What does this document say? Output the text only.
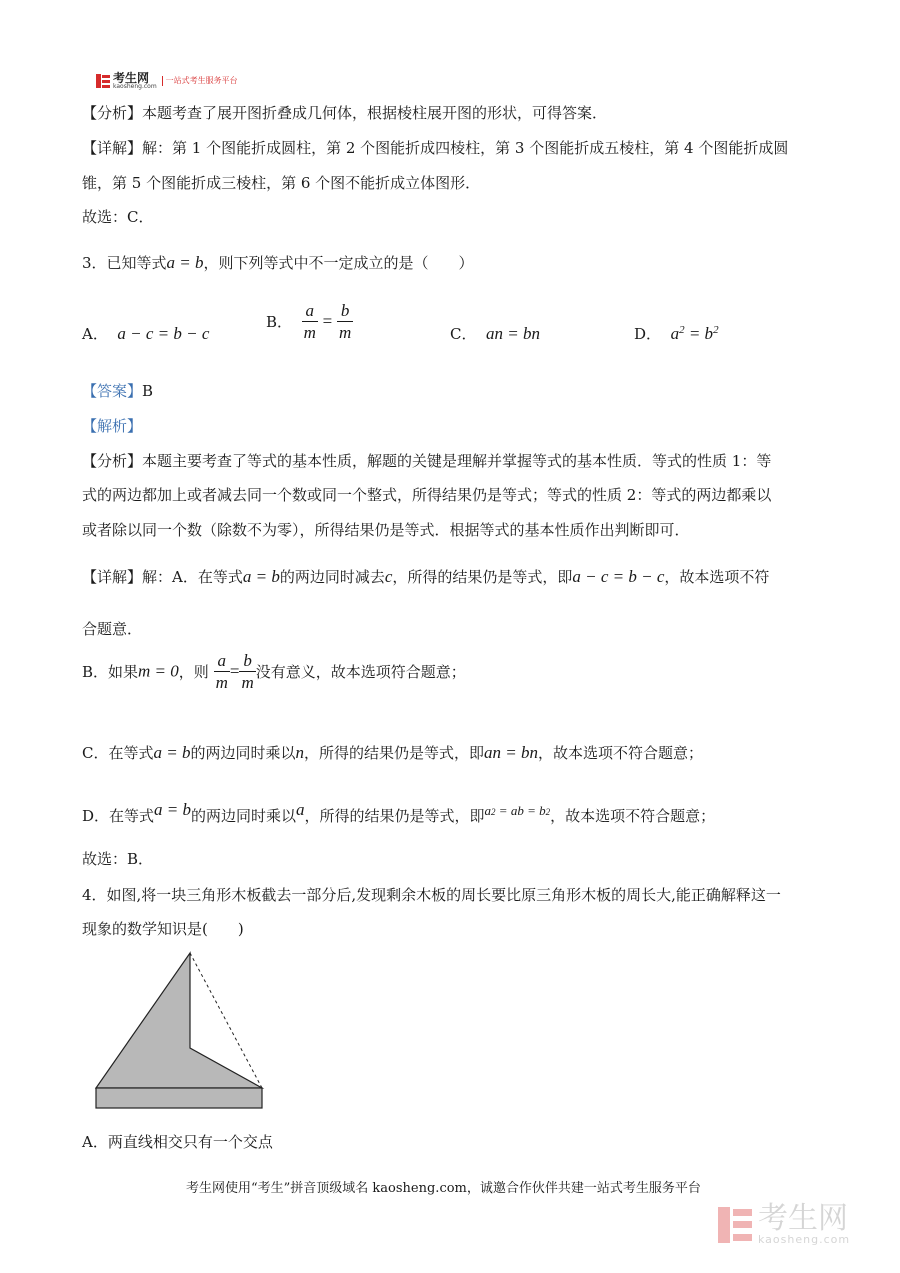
考生网
kaosheng.com
一站式考生服务平台
【分析】本题考查了展开图折叠成几何体，根据棱柱展开图的形状，可得答案．
【详解】解：第 1 个图能折成圆柱，第 2 个图能折成四棱柱，第 3 个图能折成五棱柱，第 4 个图能折成圆
锥，第 5 个图能折成三棱柱，第 6 个图不能折成立体图形．
故选：C．
3．已知等式a = b，则下列等式中不一定成立的是（　　）
A． a − c = b − c
B． $\frac{a}{m} = \frac{b}{m}$	C． an = bn	D． $a^2 = b^2$
【答案】B
【解析】
【分析】本题主要考查了等式的基本性质，解题的关键是理解并掌握等式的基本性质．等式的性质 1：等
式的两边都加上或者减去同一个数或同一个整式，所得结果仍是等式；等式的性质 2：等式的两边都乘以
或者除以同一个数（除数不为零），所得结果仍是等式．根据等式的基本性质作出判断即可．
【详解】解：A．在等式a = b的两边同时减去c，所得的结果仍是等式，即a − c = b − c，故本选项不符
合题意．
B．如果m = 0，则 $\frac{a}{m} = \frac{b}{m}$ 没有意义，故本选项符合题意；
C．在等式a = b的两边同时乘以n，所得的结果仍是等式，即an = bn，故本选项不符合题意；
D．在等式a = b的两边同时乘以a，所得的结果仍是等式，即$a^2$ = ab = $b^2$，故本选项不符合题意；
故选：B．
4．如图,将一块三角形木板截去一部分后,发现剩余木板的周长要比原三角形木板的周长大,能正确解释这一
现象的数学知识是(　　)
A．两直线相交只有一个交点
考生网使用“考生”拼音顶级域名 kaosheng.com，诚邀合作伙伴共建一站式考生服务平台
考生网
kaosheng.com
